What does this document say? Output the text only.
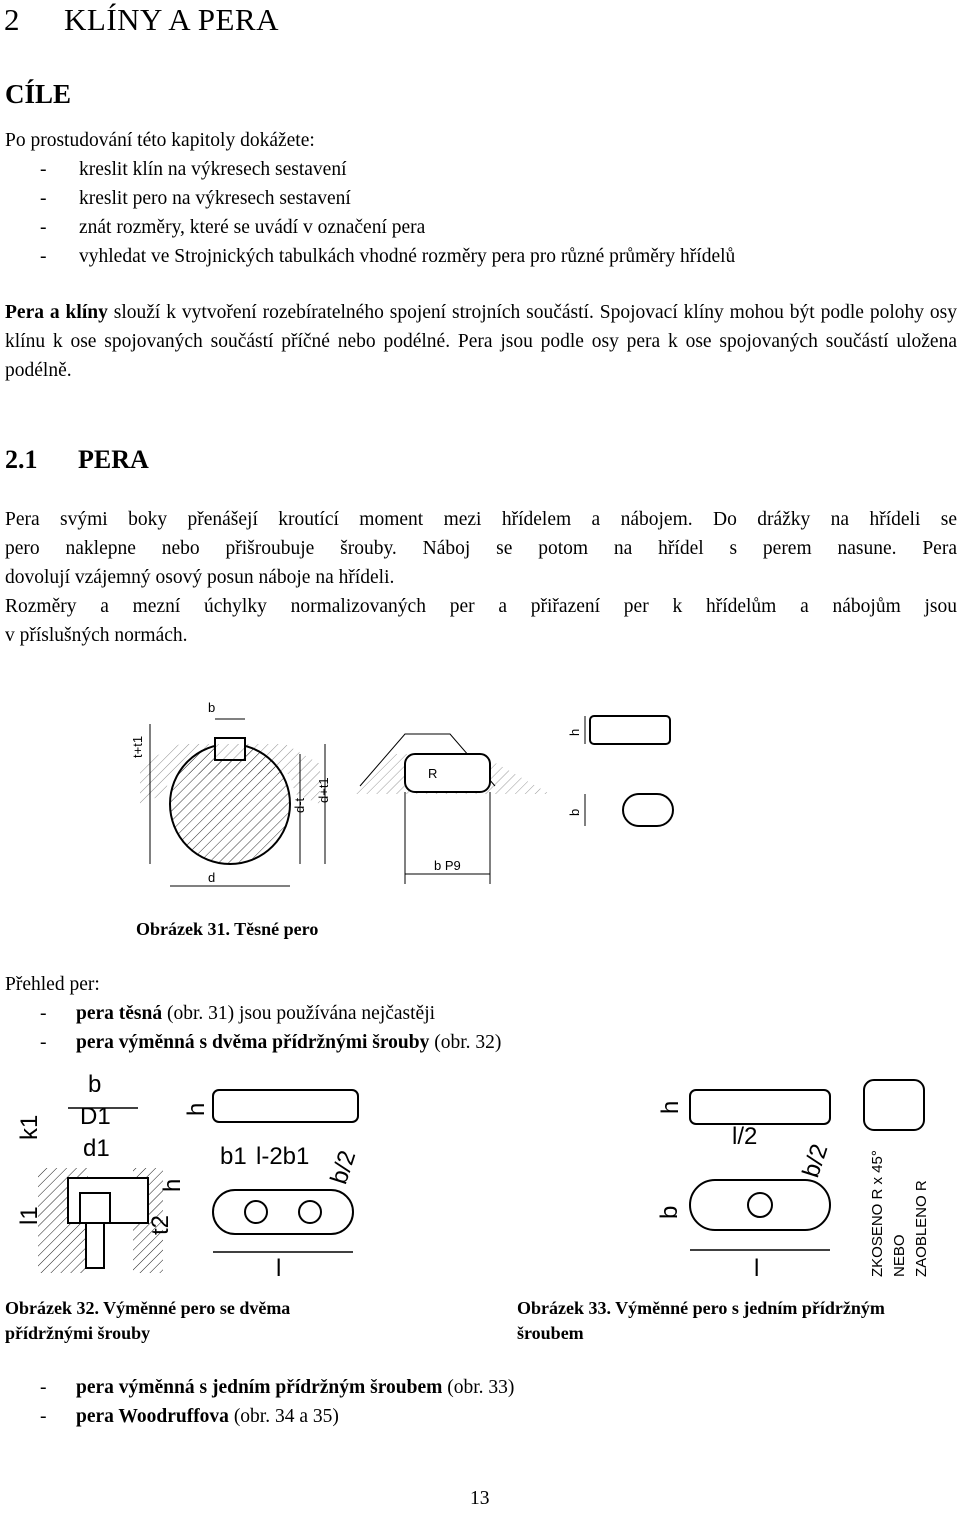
2 KLÍNY A PERA
CÍLE
Po prostudování této kapitoly dokážete:
- kreslit klín na výkresech sestavení
- kreslit pero na výkresech sestavení
- znát rozměry, které se uvádí v označení pera
- vyhledat ve Strojnických tabulkách vhodné rozměry pera pro různé průměry hřídelů
Pera a klíny slouží k vytvoření rozebíratelného spojení strojních součástí. Spojovací klíny mohou být podle polohy osy klínu k ose spojovaných součástí příčné nebo podélné. Pera jsou podle osy pera k ose spojovaných součástí uložena podélně.
2.1 PERA
Pera svými boky přenášejí kroutící moment mezi hřídelem a nábojem. Do drážky na hřídeli se
pero naklepne nebo přišroubuje šrouby. Náboj se potom na hřídel s perem nasune. Pera
dovolují vzájemný osový posun náboje na hřídeli.
Rozměry a mezní úchylky normalizovaných per a přiřazení per k hřídelům a nábojům jsou
v příslušných normách.
b
t+t1
d-t
d+t1
d
R
b P9
h
b
Obrázek 31. Těsné pero
Přehled per:
- pera těsná (obr. 31) jsou používána nejčastěji
- pera výměnná s dvěma přídržnými šrouby (obr. 32)
b
D1
d1
k1
l1	t2
h
h
b1 l-2b1 b/2
l
h
l/2
b/2
b
l	ZKOSENO R x 45° NEBO ZAOBLENO R
Obrázek 32. Výměnné pero se dvěma
přídržnými šrouby
Obrázek 33. Výměnné pero s jedním přídržným
šroubem
- pera výměnná s jedním přídržným šroubem (obr. 33)
- pera Woodruffova (obr. 34 a 35)
13
